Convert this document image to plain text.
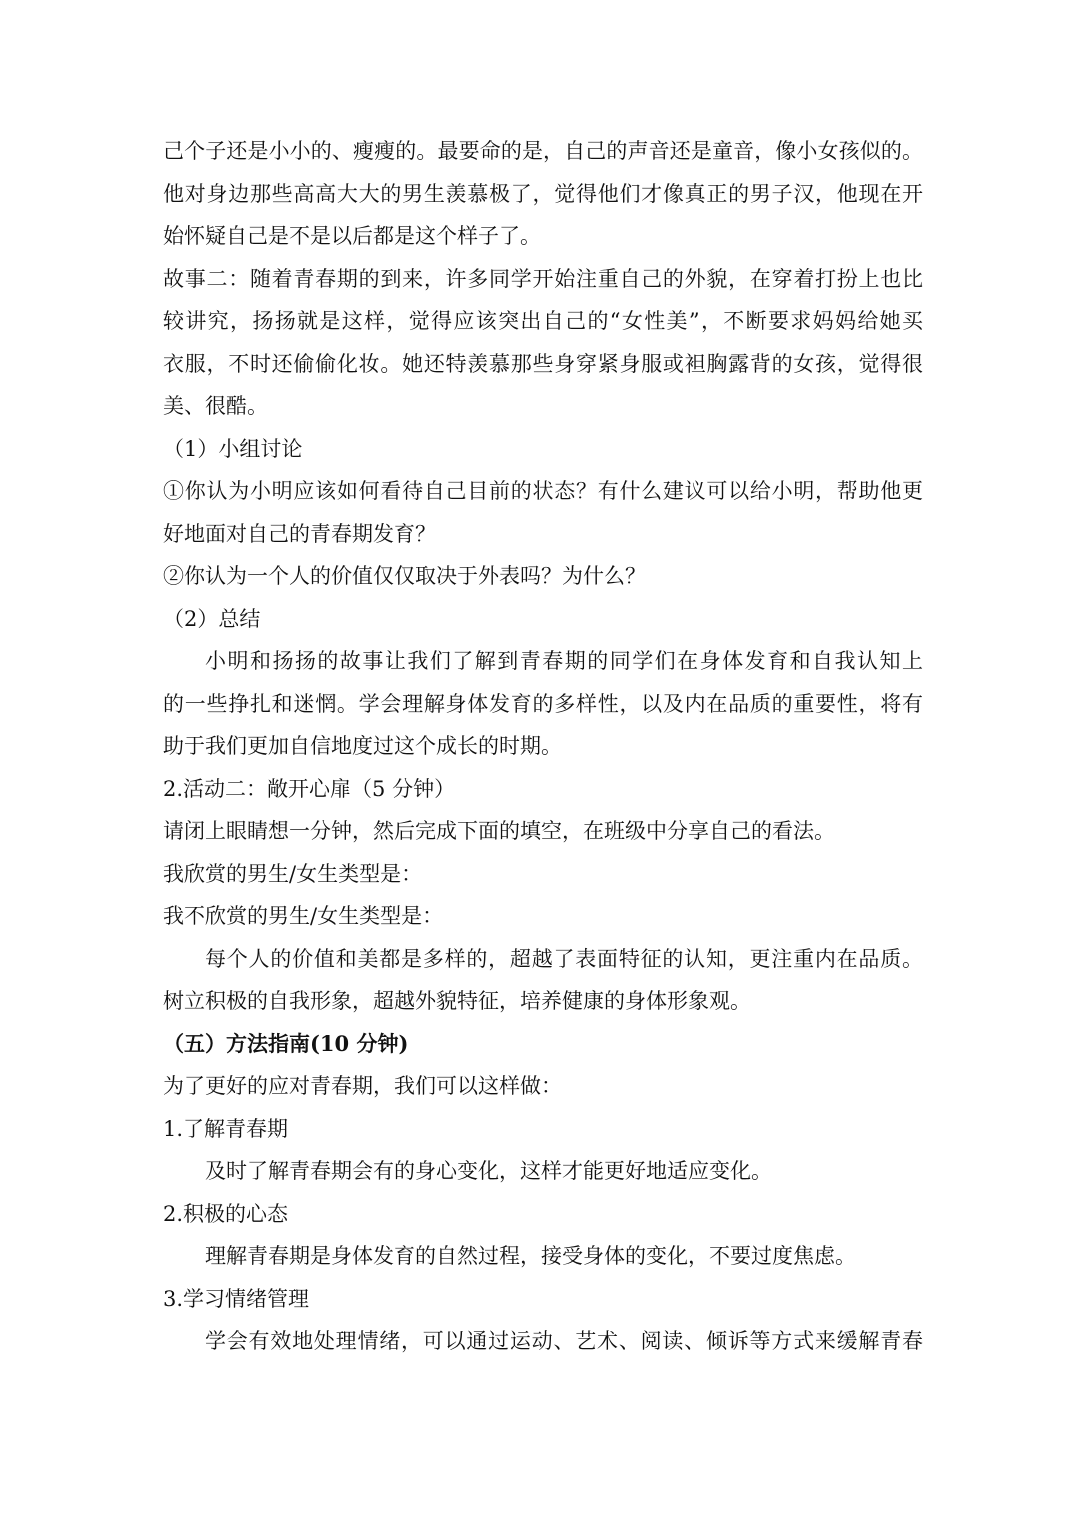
己个子还是小小的、瘦瘦的。最要命的是，自己的声音还是童音，像小女孩似的。
他对身边那些高高大大的男生羡慕极了，觉得他们才像真正的男子汉，他现在开
始怀疑自己是不是以后都是这个样子了。
故事二：随着青春期的到来，许多同学开始注重自己的外貌，在穿着打扮上也比
较讲究，扬扬就是这样，觉得应该突出自己的“女性美”，不断要求妈妈给她买
衣服，不时还偷偷化妆。她还特羡慕那些身穿紧身服或袒胸露背的女孩，觉得很
美、很酷。
（1）小组讨论
①你认为小明应该如何看待自己目前的状态？有什么建议可以给小明，帮助他更
好地面对自己的青春期发育？
②你认为一个人的价值仅仅取决于外表吗？为什么？
（2）总结
小明和扬扬的故事让我们了解到青春期的同学们在身体发育和自我认知上
的一些挣扎和迷惘。学会理解身体发育的多样性，以及内在品质的重要性，将有
助于我们更加自信地度过这个成长的时期。
2.活动二：敞开心扉（5 分钟）
请闭上眼睛想一分钟，然后完成下面的填空，在班级中分享自己的看法。
我欣赏的男生/女生类型是：
我不欣赏的男生/女生类型是：
每个人的价值和美都是多样的，超越了表面特征的认知，更注重内在品质。
树立积极的自我形象，超越外貌特征，培养健康的身体形象观。
（五）方法指南(10 分钟)
为了更好的应对青春期，我们可以这样做：
1.了解青春期
及时了解青春期会有的身心变化，这样才能更好地适应变化。
2.积极的心态
理解青春期是身体发育的自然过程，接受身体的变化，不要过度焦虑。
3.学习情绪管理
学会有效地处理情绪，可以通过运动、艺术、阅读、倾诉等方式来缓解青春
